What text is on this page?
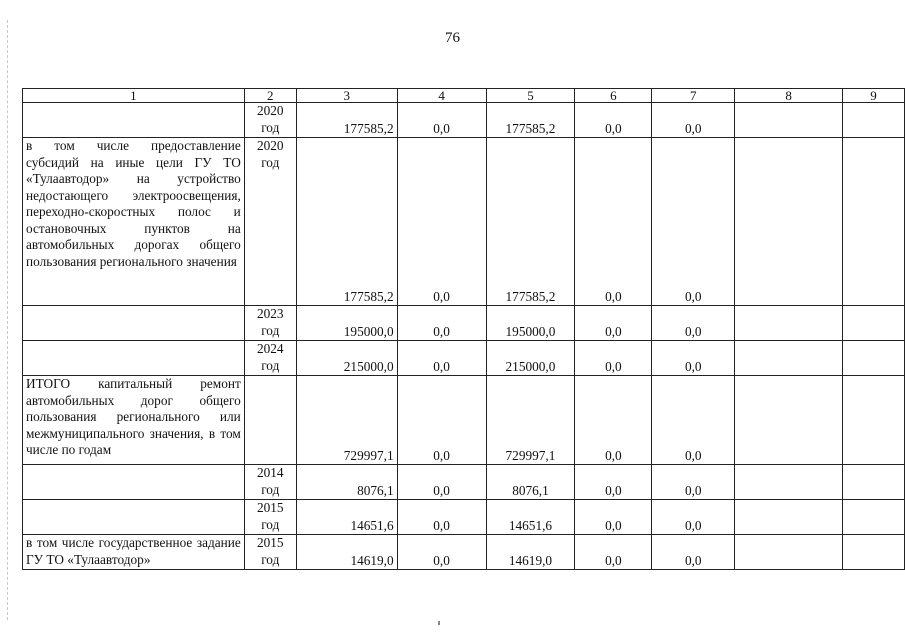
76
1	2	3	4	5	6	7	8	9
	2020 год	177585,2	0,0	177585,2	0,0	0,0		
в том числе предоставление субсидий на иные цели ГУ ТО «Тулаавтодор» на устройство недостающего электроосвещения, переходно-скоростных полос и остановочных пунктов на автомобильных дорогах общего пользования регионального значения	2020 год	177585,2	0,0	177585,2	0,0	0,0		
	2023 год	195000,0	0,0	195000,0	0,0	0,0		
	2024 год	215000,0	0,0	215000,0	0,0	0,0		
ИТОГО капитальный ремонт автомобильных дорог общего пользования регионального или межмуниципального значения, в том числе по годам		729997,1	0,0	729997,1	0,0	0,0		
	2014 год	8076,1	0,0	8076,1	0,0	0,0		
	2015 год	14651,6	0,0	14651,6	0,0	0,0		
в том числе государственное задание ГУ ТО «Тулаавтодор»	2015 год	14619,0	0,0	14619,0	0,0	0,0		
